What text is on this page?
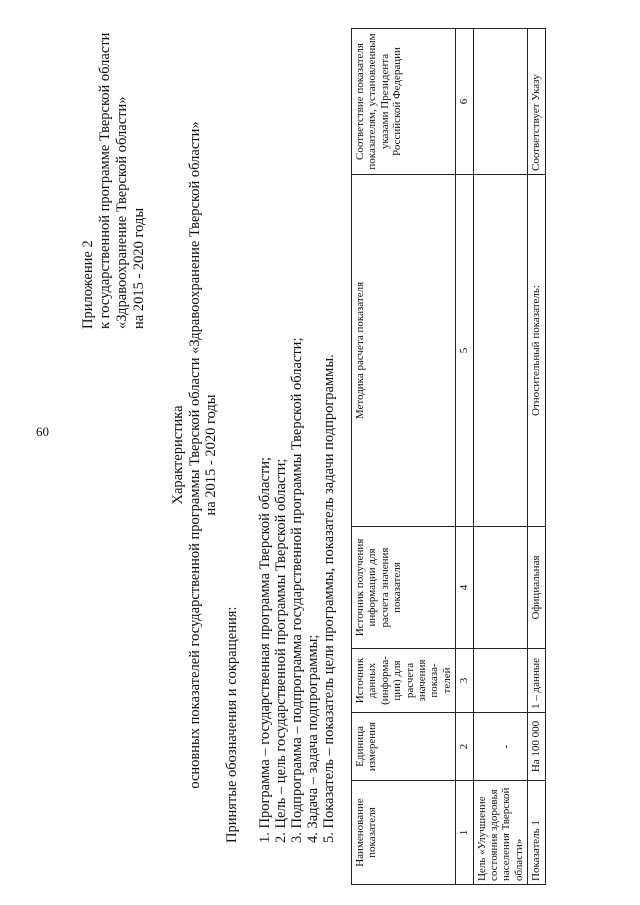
60
Приложение 2 к государственной программе Тверской области «Здравоохранение Тверской области» на 2015 - 2020 годы
Характеристика основных показателей государственной программы Тверской области «Здравоохранение Тверской области» на 2015 - 2020 годы
Принятые обозначения и сокращения: 1. Программа – государственная программа Тверской области; 2. Цель – цель государственной программы Тверской области; 3. Подпрограмма – подпрограмма государственной программы Тверской области; 4. Задача – задача подпрограммы; 5. Показатель – показатель цели программы, показатель задачи подпрограммы. Наименование показателя	Единица измерения	Источник данных (информа-ции) для расчета значения показа-телей	Источник получения информации для расчета значения показателя	Методика расчета показателя	Соответствие показателя показателям, установленным указами Президента Российской Федерации
1	2	3	4	5	6
Цель «Улучшение состояния здоровья населения Тверской области»	-				
Показатель 1	На 100 000	1 – данные	Официальная	Относительный показатель:	Соответствует Указу
